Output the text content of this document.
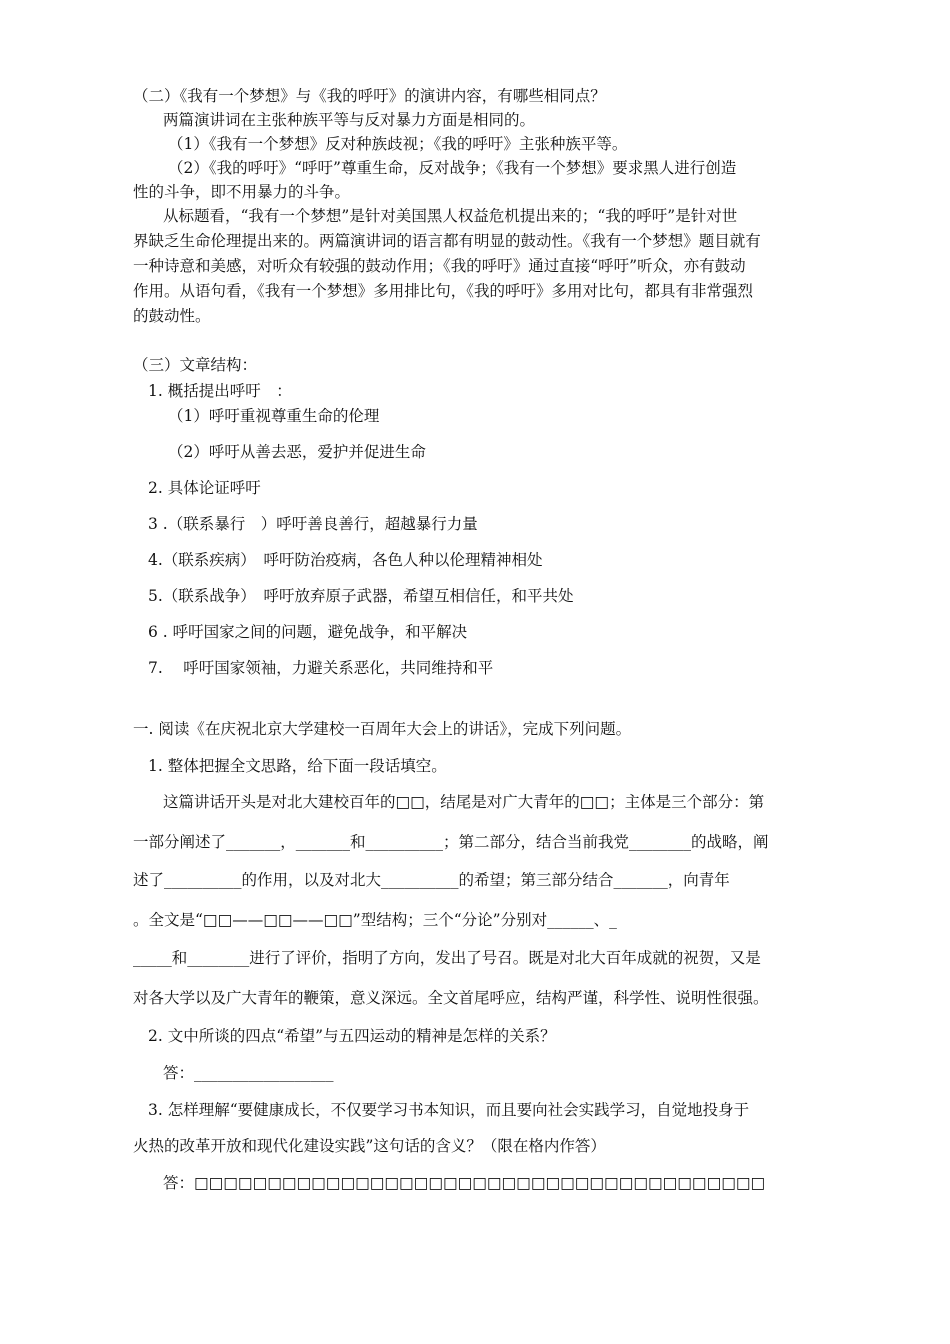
（二）《我有一个梦想》与《我的呼吁》的演讲内容，有哪些相同点？
两篇演讲词在主张种族平等与反对暴力方面是相同的。
（1）《我有一个梦想》反对种族歧视；《我的呼吁》主张种族平等。
（2）《我的呼吁》“呼吁”尊重生命，反对战争；《我有一个梦想》要求黑人进行创造
性的斗争，即不用暴力的斗争。
从标题看，“我有一个梦想”是针对美国黑人权益危机提出来的；“我的呼吁”是针对世
界缺乏生命伦理提出来的。两篇演讲词的语言都有明显的鼓动性。《我有一个梦想》题目就有
一种诗意和美感，对听众有较强的鼓动作用；《我的呼吁》通过直接“呼吁”听众，亦有鼓动
作用。从语句看，《我有一个梦想》多用排比句，《我的呼吁》多用对比句，都具有非常强烈
的鼓动性。
（三）文章结构：
1. 概括提出呼吁　：
（1）呼吁重视尊重生命的伦理
（2）呼吁从善去恶，爱护并促进生命
2. 具体论证呼吁
3 .（联系暴行　）呼吁善良善行，超越暴行力量
4.（联系疾病）　呼吁防治疫病，各色人种以伦理精神相处
5.（联系战争）　呼吁放弃原子武器，希望互相信任，和平共处
6 . 呼吁国家之间的问题，避免战争，和平解决
7. 　呼吁国家领袖，力避关系恶化，共同维持和平
一. 阅读《在庆祝北京大学建校一百周年大会上的讲话》，完成下列问题。
1. 整体把握全文思路，给下面一段话填空。
这篇讲话开头是对北大建校百年的□□，结尾是对广大青年的□□；主体是三个部分：第
一部分阐述了_______，_______和__________；第二部分，结合当前我党________的战略，阐
述了__________的作用，以及对北大__________的希望；第三部分结合_______，向青年
。全文是“□□——□□——□□”型结构；三个“分论”分别对______、_
_____和________进行了评价，指明了方向，发出了号召。既是对北大百年成就的祝贺，又是
对各大学以及广大青年的鞭策，意义深远。全文首尾呼应，结构严谨，科学性、说明性很强。
2. 文中所谈的四点“希望”与五四运动的精神是怎样的关系？
答：__________________
3. 怎样理解“要健康成长，不仅要学习书本知识，而且要向社会实践学习，自觉地投身于
火热的改革开放和现代化建设实践”这句话的含义？（限在格内作答）
答：□□□□□□□□□□□□□□□□□□□□□□□□□□□□□□□□□□□□□□□
